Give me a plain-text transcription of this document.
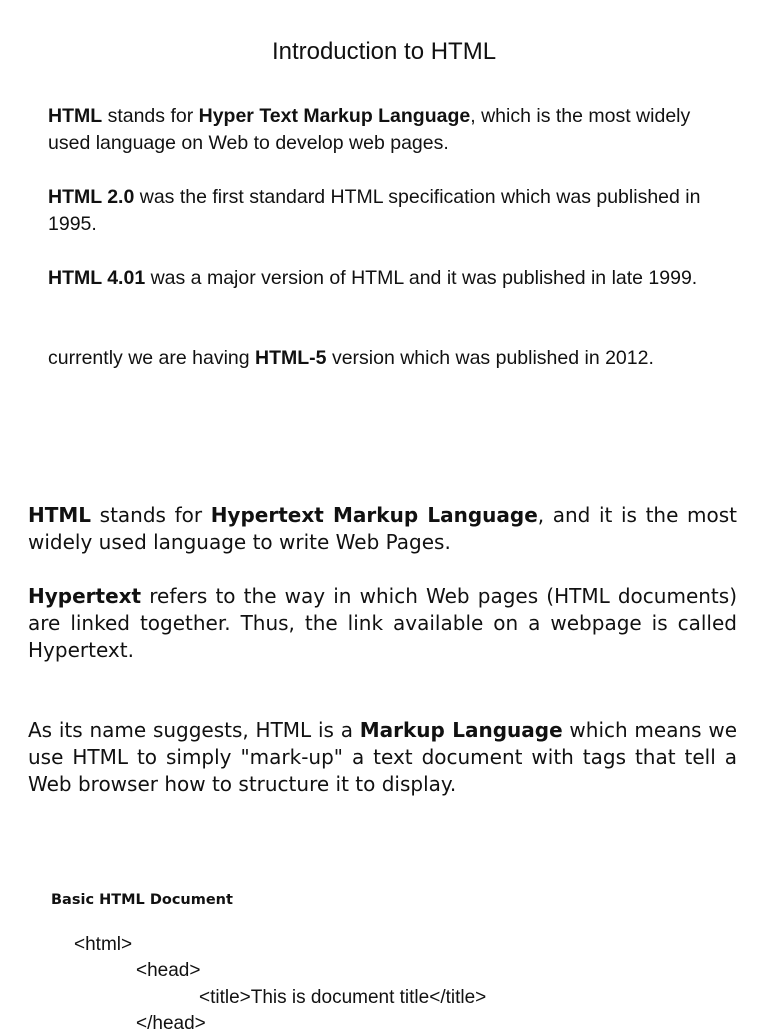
Introduction to HTML

HTML stands for Hyper Text Markup Language, which is the most widely used language on Web to develop web pages.

HTML 2.0 was the first standard HTML specification which was published in 1995.

HTML 4.01 was a major version of HTML and it was published in late 1999.

currently we are having HTML-5 version which was published in 2012.

HTML stands for Hypertext Markup Language, and it is the most widely used language to write Web Pages.

Hypertext refers to the way in which Web pages (HTML documents) are linked together. Thus, the link available on a webpage is called Hypertext.

As its name suggests, HTML is a Markup Language which means we use HTML to simply "mark-up" a text document with tags that tell a Web browser how to structure it to display.

Basic HTML Document
<html>
<head>
<title>This is document title</title>
</head>
